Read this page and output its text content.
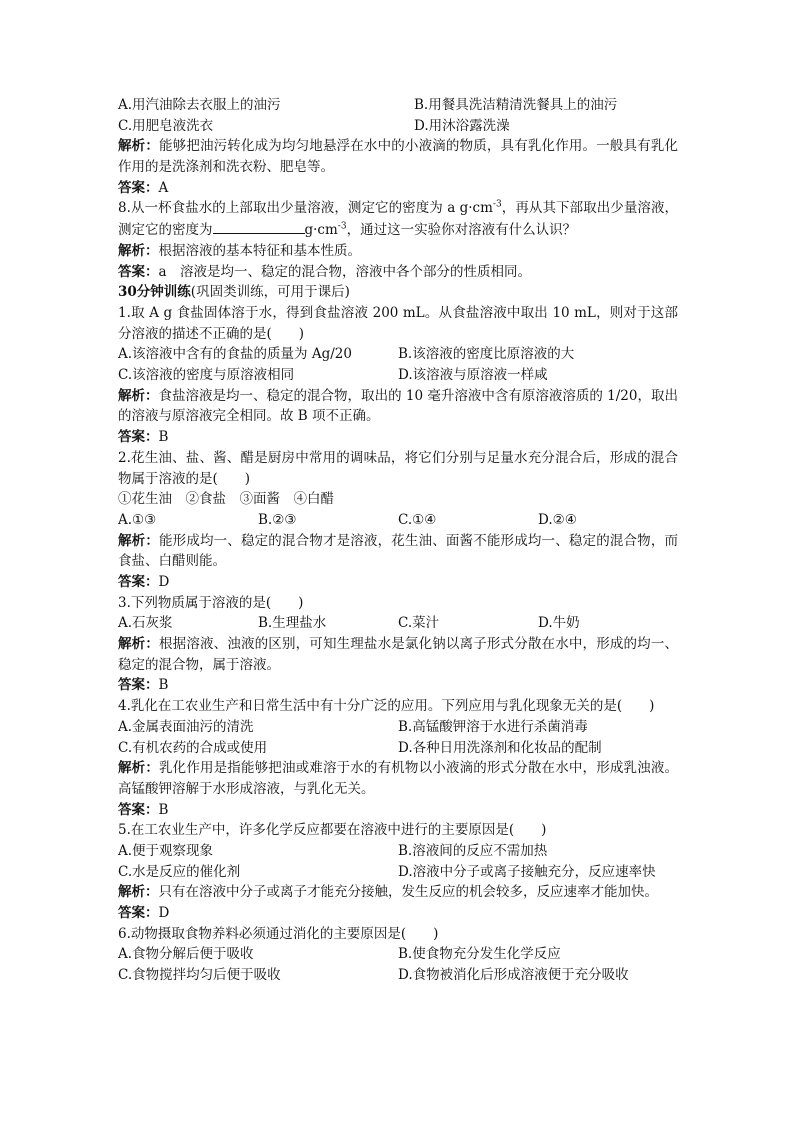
A.用汽油除去衣服上的油污	B.用餐具洗洁精清洗餐具上的油污
C.用肥皂液洗衣	D.用沐浴露洗澡
解析：能够把油污转化成为均匀地悬浮在水中的小液滴的物质，具有乳化作用。一般具有乳化作用的是洗涤剂和洗衣粉、肥皂等。
答案：A
8.从一杯食盐水的上部取出少量溶液，测定它的密度为 a $g\cdot cm^{-3}$，再从其下部取出少量溶液，测定它的密度为	$g\cdot cm^{-3}$，通过这一实验你对溶液有什么认识？
解析：根据溶液的基本特征和基本性质。
答案：a　溶液是均一、稳定的混合物，溶液中各个部分的性质相同。
30分钟训练(巩固类训练，可用于课后)
1.取 A g 食盐固体溶于水，得到食盐溶液 200 mL。从食盐溶液中取出 10 mL，则对于这部分溶液的描述不正确的是(　　)
A.该溶液中含有的食盐的质量为 Ag/20	B.该溶液的密度比原溶液的大
C.该溶液的密度与原溶液相同	D.该溶液与原溶液一样咸
解析：食盐溶液是均一、稳定的混合物，取出的 10 毫升溶液中含有原溶液溶质的 1/20，取出的溶液与原溶液完全相同。故 B 项不正确。
答案：B
2.花生油、盐、酱、醋是厨房中常用的调味品，将它们分别与足量水充分混合后，形成的混合物属于溶液的是(　　)
①花生油　②食盐　③面酱　④白醋
A.①③	B.②③	C.①④	D.②④
解析：能形成均一、稳定的混合物才是溶液，花生油、面酱不能形成均一、稳定的混合物，而食盐、白醋则能。
答案：D
3.下列物质属于溶液的是(　　)
A.石灰浆	B.生理盐水	C.菜汁	D.牛奶
解析：根据溶液、浊液的区别，可知生理盐水是氯化钠以离子形式分散在水中，形成的均一、稳定的混合物，属于溶液。
答案：B
4.乳化在工农业生产和日常生活中有十分广泛的应用。下列应用与乳化现象无关的是(　　)
A.金属表面油污的清洗	B.高锰酸钾溶于水进行杀菌消毒
C.有机农药的合成或使用	D.各种日用洗涤剂和化妆品的配制
解析：乳化作用是指能够把油或难溶于水的有机物以小液滴的形式分散在水中，形成乳浊液。高锰酸钾溶解于水形成溶液，与乳化无关。
答案：B
5.在工农业生产中，许多化学反应都要在溶液中进行的主要原因是(　　)
A.便于观察现象	B.溶液间的反应不需加热
C.水是反应的催化剂	D.溶液中分子或离子接触充分，反应速率快
解析：只有在溶液中分子或离子才能充分接触，发生反应的机会较多，反应速率才能加快。
答案：D
6.动物摄取食物养料必须通过消化的主要原因是(　　)
A.食物分解后便于吸收	B.使食物充分发生化学反应
C.食物搅拌均匀后便于吸收	D.食物被消化后形成溶液便于充分吸收
